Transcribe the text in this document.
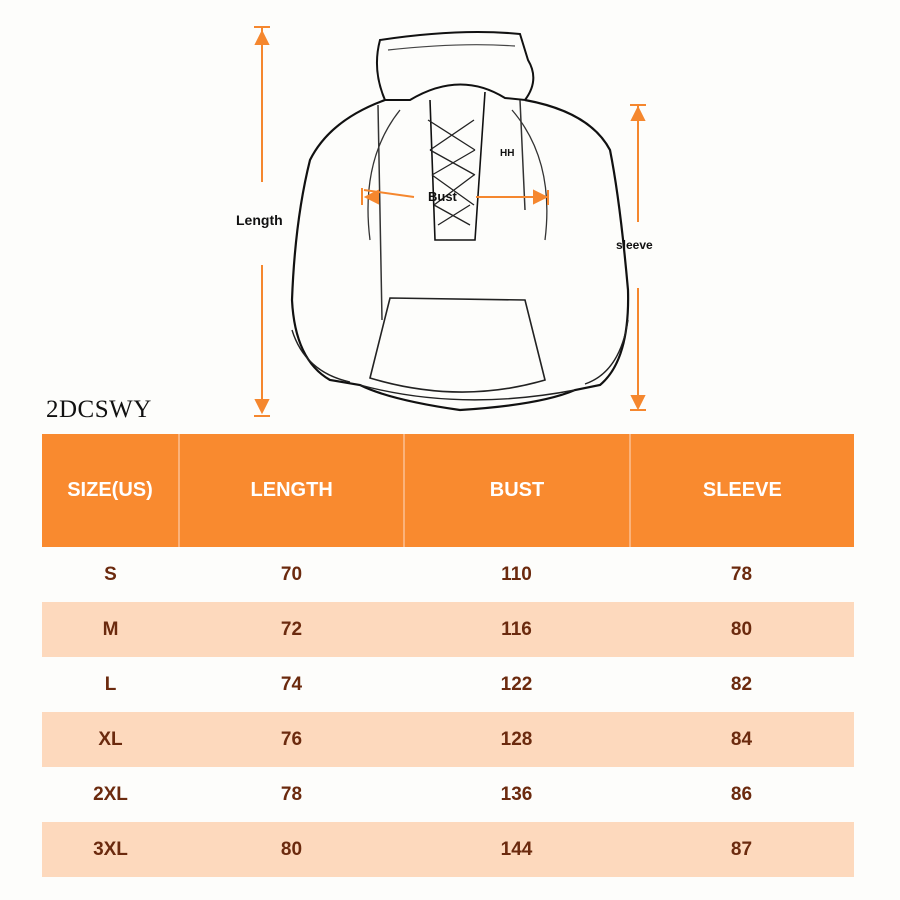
Length
Bust
sleeve
HH
2DCSWY
SIZE(US)	LENGTH	BUST	SLEEVE
S	70	110	78
M	72	116	80
L	74	122	82
XL	76	128	84
2XL	78	136	86
3XL	80	144	87
